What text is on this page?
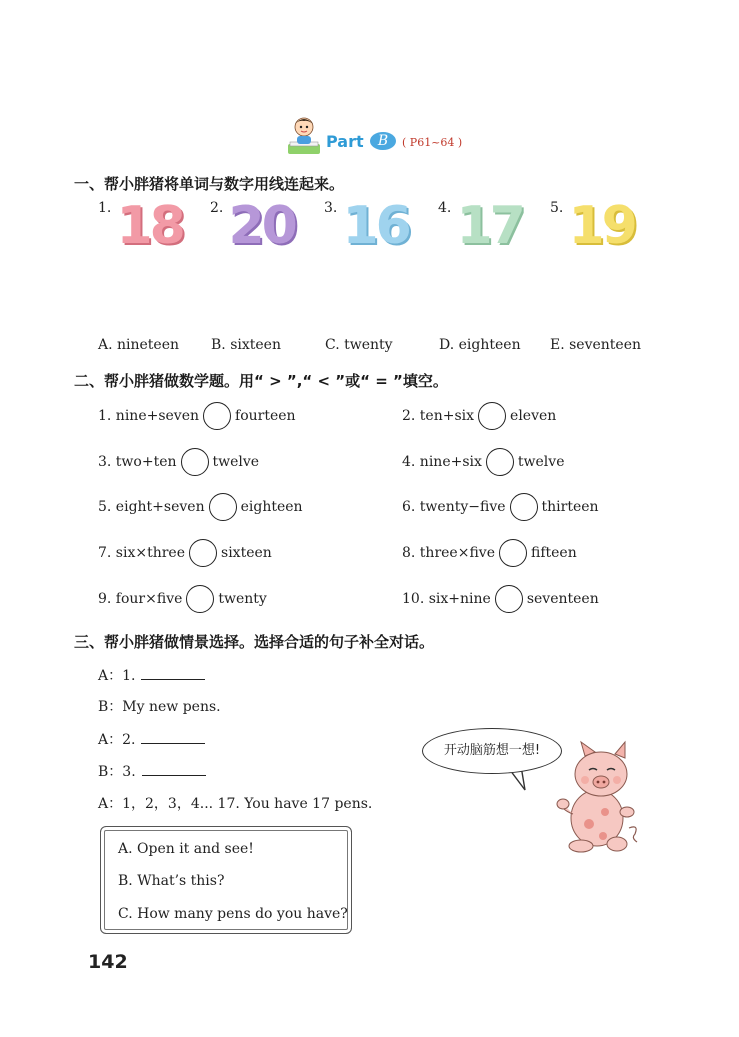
Part	B	( P61~64 )
一、帮小胖猪将单词与数字用线连起来。
1. 18 2. 20 3. 16 4. 17 5. 19
A. nineteen B. sixteen	C. twenty	D. eighteen E. seventeen
二、帮小胖猪做数学题。用“ > ”,“ < ”或“ = ”填空。
1. nine+seven	fourteen	2. ten+six	eleven
3. two+ten	twelve	4. nine+six	twelve
5. eight+seven	eighteen	6. twenty−five	thirteen
7. six×three	sixteen	8. three×five	fifteen
9. four×five	twenty	10. six+nine	seventeen
三、帮小胖猪做情景选择。选择合适的句子补全对话。
A：1.
B：My new pens.
A：2.
B：3.
A：1，2，3，4... 17. You have 17 pens.
A. Open it and see!
B. What’s this?
C. How many pens do you have?
开动脑筋想一想!
142
